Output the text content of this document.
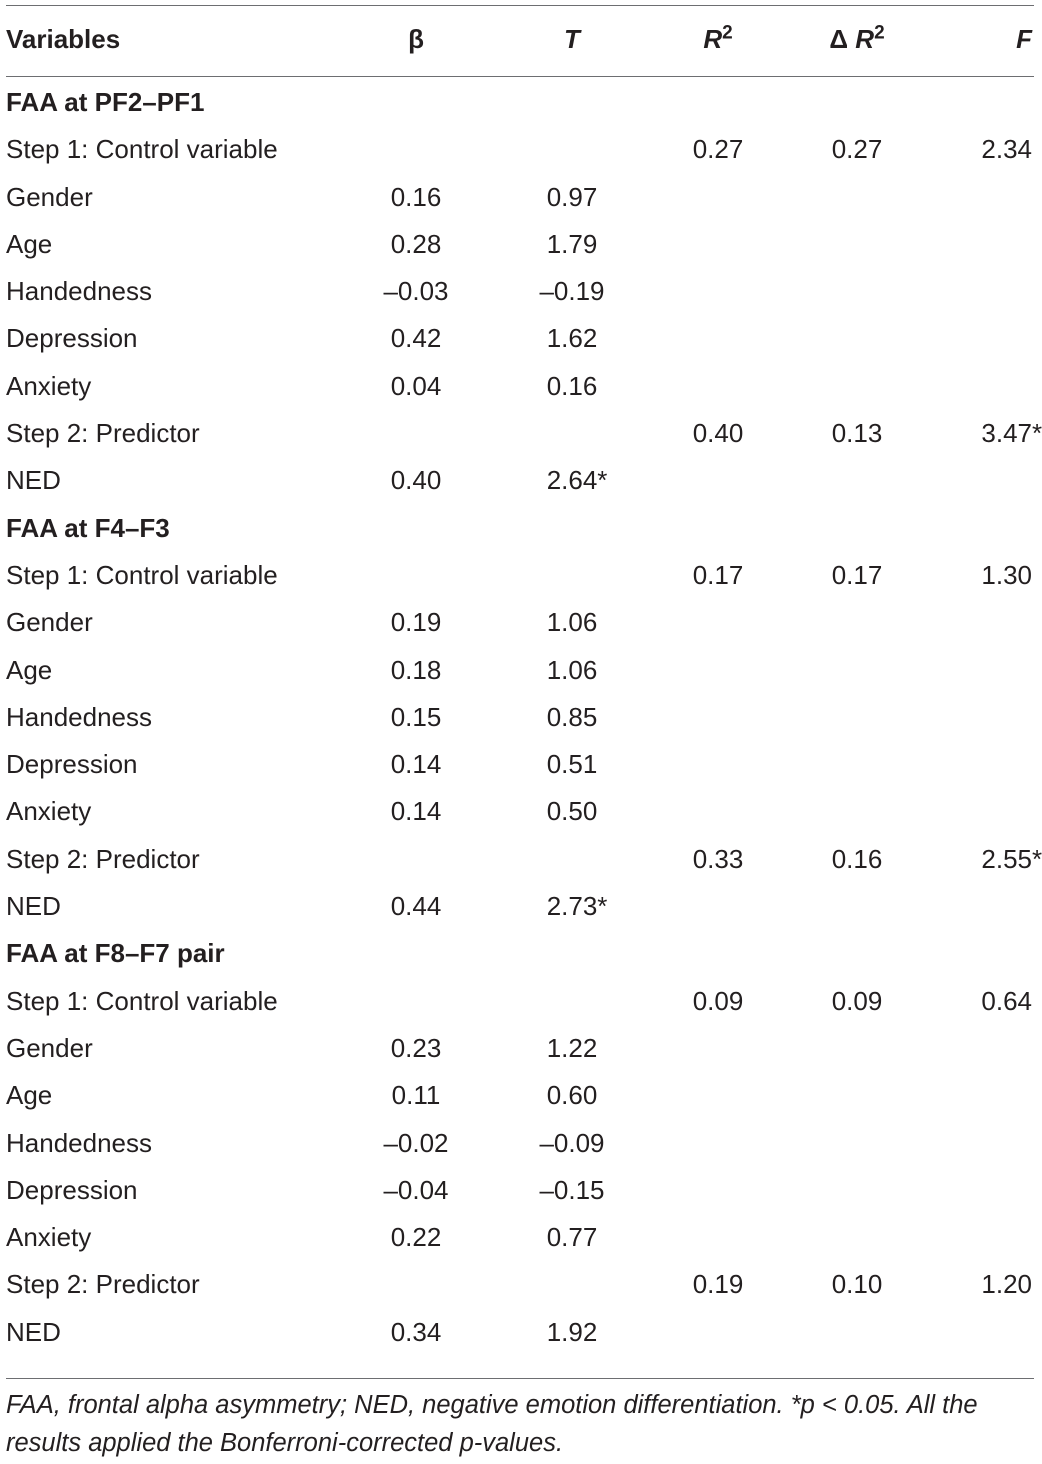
Variables	β	T	$R^2$	Δ $R^2$	F
FAA at PF2–PF1					
Step 1: Control variable			0.27	0.27	2.34
Gender	0.16	0.97			
Age	0.28	1.79			
Handedness	–0.03	–0.19			
Depression	0.42	1.62			
Anxiety	0.04	0.16			
Step 2: Predictor			0.40	0.13	3.47*
NED	0.40	2.64*			
FAA at F4–F3					
Step 1: Control variable			0.17	0.17	1.30
Gender	0.19	1.06			
Age	0.18	1.06			
Handedness	0.15	0.85			
Depression	0.14	0.51			
Anxiety	0.14	0.50			
Step 2: Predictor			0.33	0.16	2.55*
NED	0.44	2.73*			
FAA at F8–F7 pair					
Step 1: Control variable			0.09	0.09	0.64
Gender	0.23	1.22			
Age	0.11	0.60			
Handedness	–0.02	–0.09			
Depression	–0.04	–0.15			
Anxiety	0.22	0.77			
Step 2: Predictor			0.19	0.10	1.20
NED	0.34	1.92			
FAA, frontal alpha asymmetry; NED, negative emotion differentiation. *p < 0.05. All the results applied the Bonferroni-corrected p-values.
